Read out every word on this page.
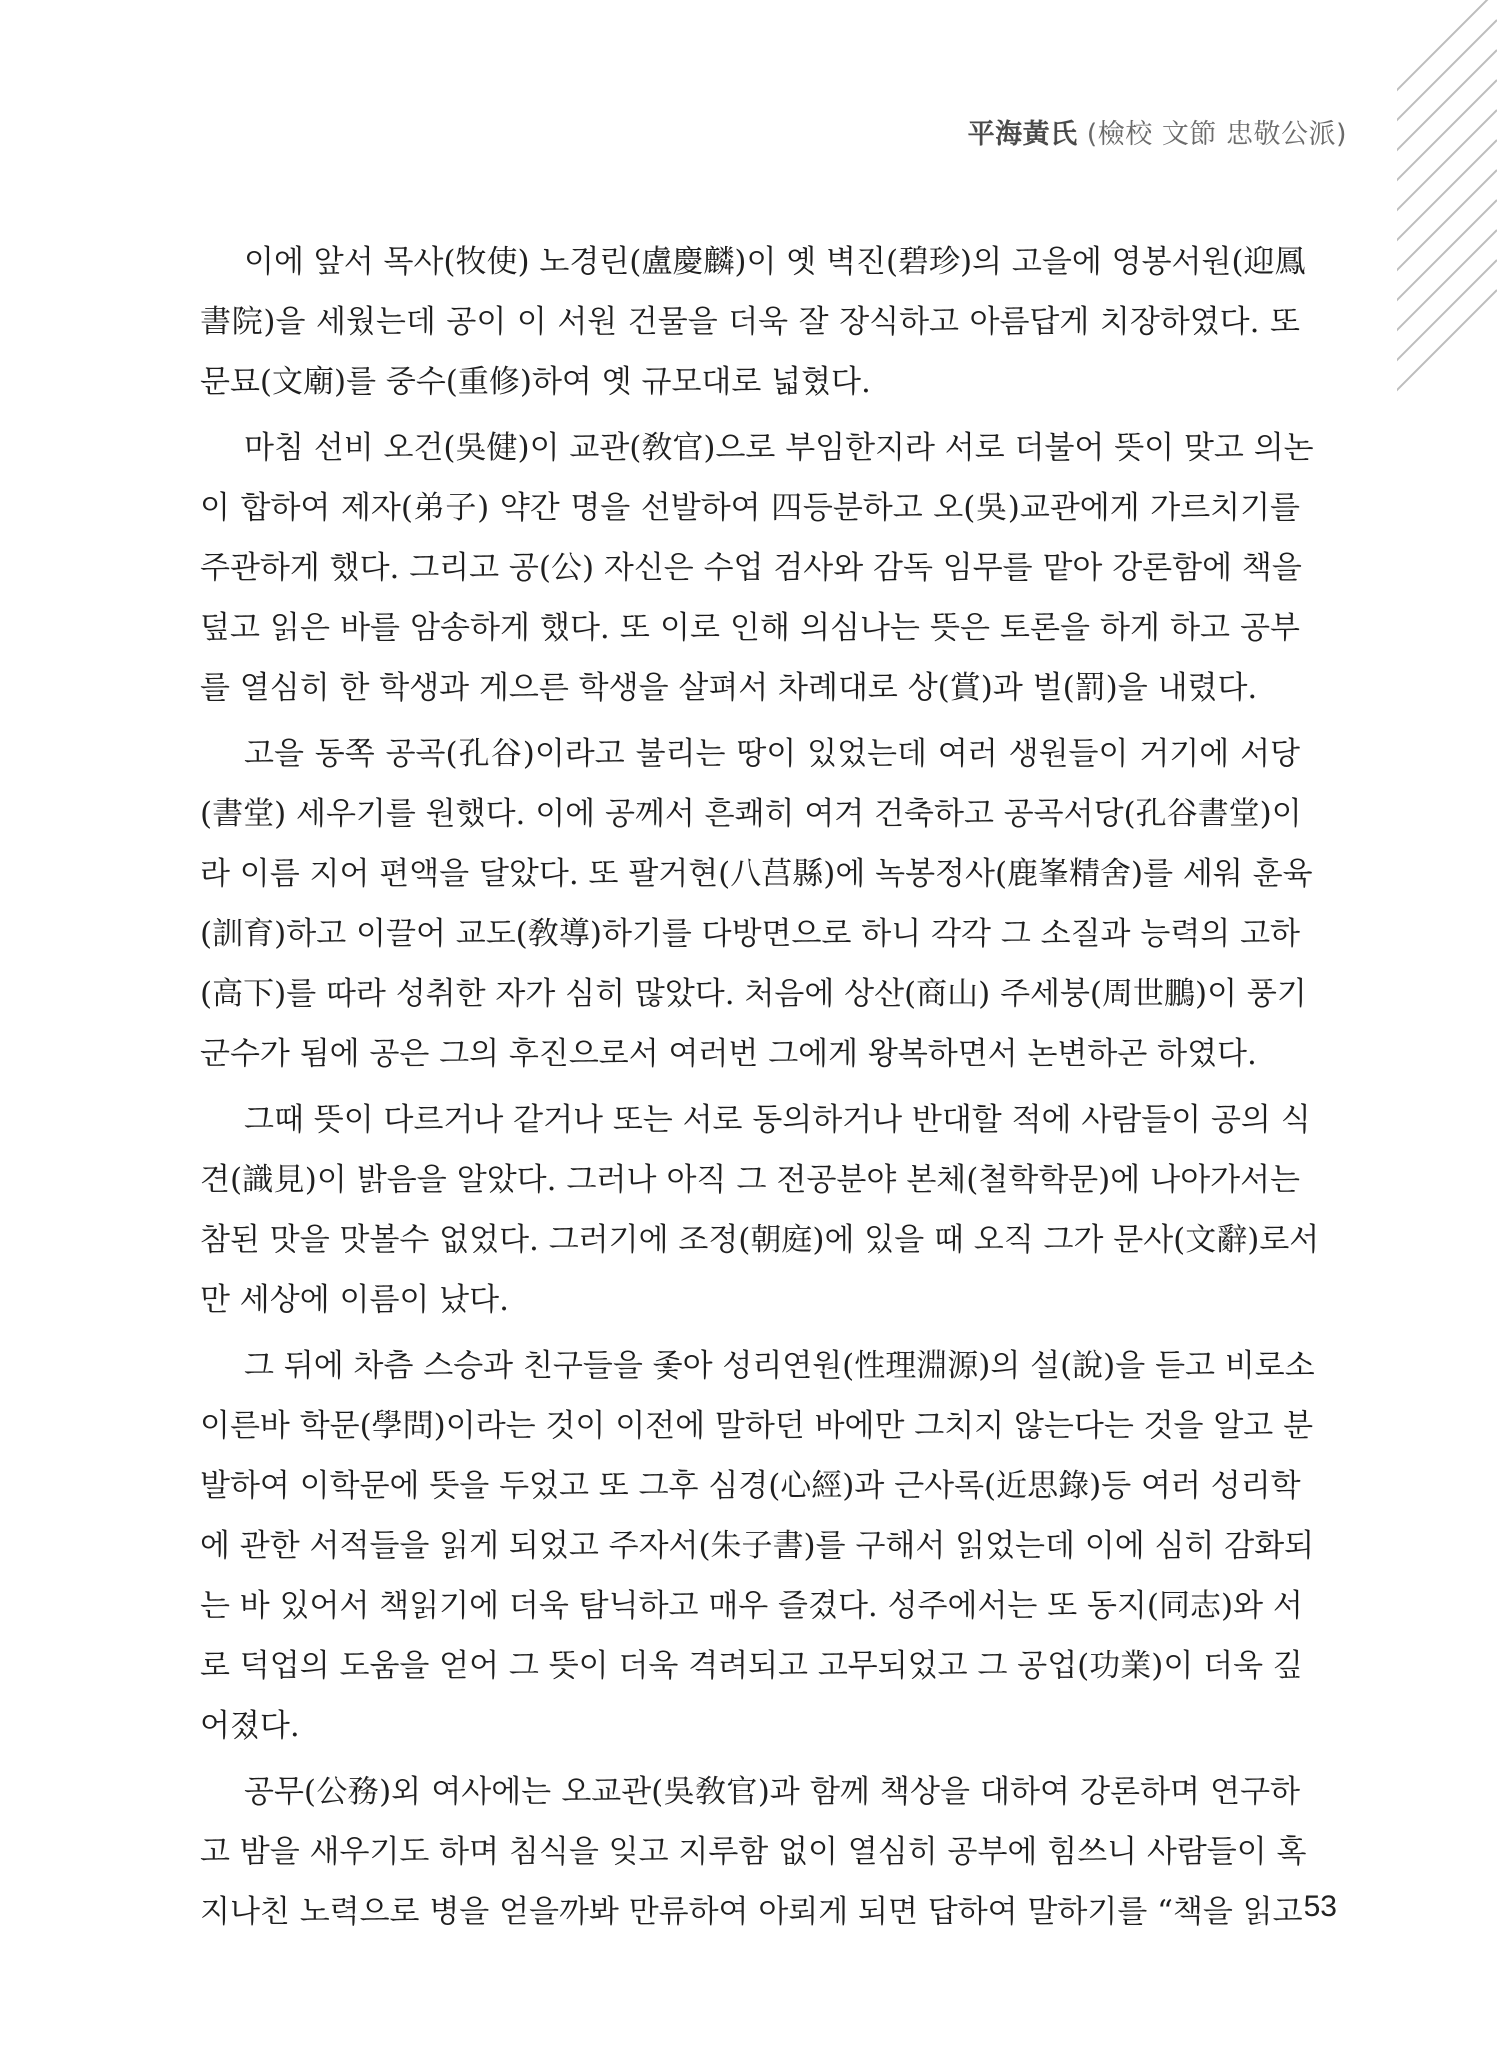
平海黃氏 (檢校 文節 忠敬公派)
이에 앞서 목사(牧使) 노경린(盧慶麟)이 옛 벽진(碧珍)의 고을에 영봉서원(迎鳳
書院)을 세웠는데 공이 이 서원 건물을 더욱 잘 장식하고 아름답게 치장하였다. 또
문묘(文廟)를 중수(重修)하여 옛 규모대로 넓혔다.
마침 선비 오건(吳健)이 교관(敎官)으로 부임한지라 서로 더불어 뜻이 맞고 의논
이 합하여 제자(弟子) 약간 명을 선발하여 四등분하고 오(吳)교관에게 가르치기를
주관하게 했다. 그리고 공(公) 자신은 수업 검사와 감독 임무를 맡아 강론함에 책을
덮고 읽은 바를 암송하게 했다. 또 이로 인해 의심나는 뜻은 토론을 하게 하고 공부
를 열심히 한 학생과 게으른 학생을 살펴서 차례대로 상(賞)과 벌(罰)을 내렸다.
고을 동쪽 공곡(孔谷)이라고 불리는 땅이 있었는데 여러 생원들이 거기에 서당
(書堂) 세우기를 원했다. 이에 공께서 흔쾌히 여겨 건축하고 공곡서당(孔谷書堂)이
라 이름 지어 편액을 달았다. 또 팔거현(八莒縣)에 녹봉정사(鹿峯精舍)를 세워 훈육
(訓育)하고 이끌어 교도(敎導)하기를 다방면으로 하니 각각 그 소질과 능력의 고하
(高下)를 따라 성취한 자가 심히 많았다. 처음에 상산(商山) 주세붕(周世鵬)이 풍기
군수가 됨에 공은 그의 후진으로서 여러번 그에게 왕복하면서 논변하곤 하였다.
그때 뜻이 다르거나 같거나 또는 서로 동의하거나 반대할 적에 사람들이 공의 식
견(識見)이 밝음을 알았다. 그러나 아직 그 전공분야 본체(철학학문)에 나아가서는
참된 맛을 맛볼수 없었다. 그러기에 조정(朝庭)에 있을 때 오직 그가 문사(文辭)로서
만 세상에 이름이 났다.
그 뒤에 차츰 스승과 친구들을 좇아 성리연원(性理淵源)의 설(說)을 듣고 비로소
이른바 학문(學問)이라는 것이 이전에 말하던 바에만 그치지 않는다는 것을 알고 분
발하여 이학문에 뜻을 두었고 또 그후 심경(心經)과 근사록(近思錄)등 여러 성리학
에 관한 서적들을 읽게 되었고 주자서(朱子書)를 구해서 읽었는데 이에 심히 감화되
는 바 있어서 책읽기에 더욱 탐닉하고 매우 즐겼다. 성주에서는 또 동지(同志)와 서
로 덕업의 도움을 얻어 그 뜻이 더욱 격려되고 고무되었고 그 공업(功業)이 더욱 깊
어졌다.
공무(公務)외 여사에는 오교관(吳敎官)과 함께 책상을 대하여 강론하며 연구하
고 밤을 새우기도 하며 침식을 잊고 지루함 없이 열심히 공부에 힘쓰니 사람들이 혹
지나친 노력으로 병을 얻을까봐 만류하여 아뢰게 되면 답하여 말하기를 “책을 읽고 53
